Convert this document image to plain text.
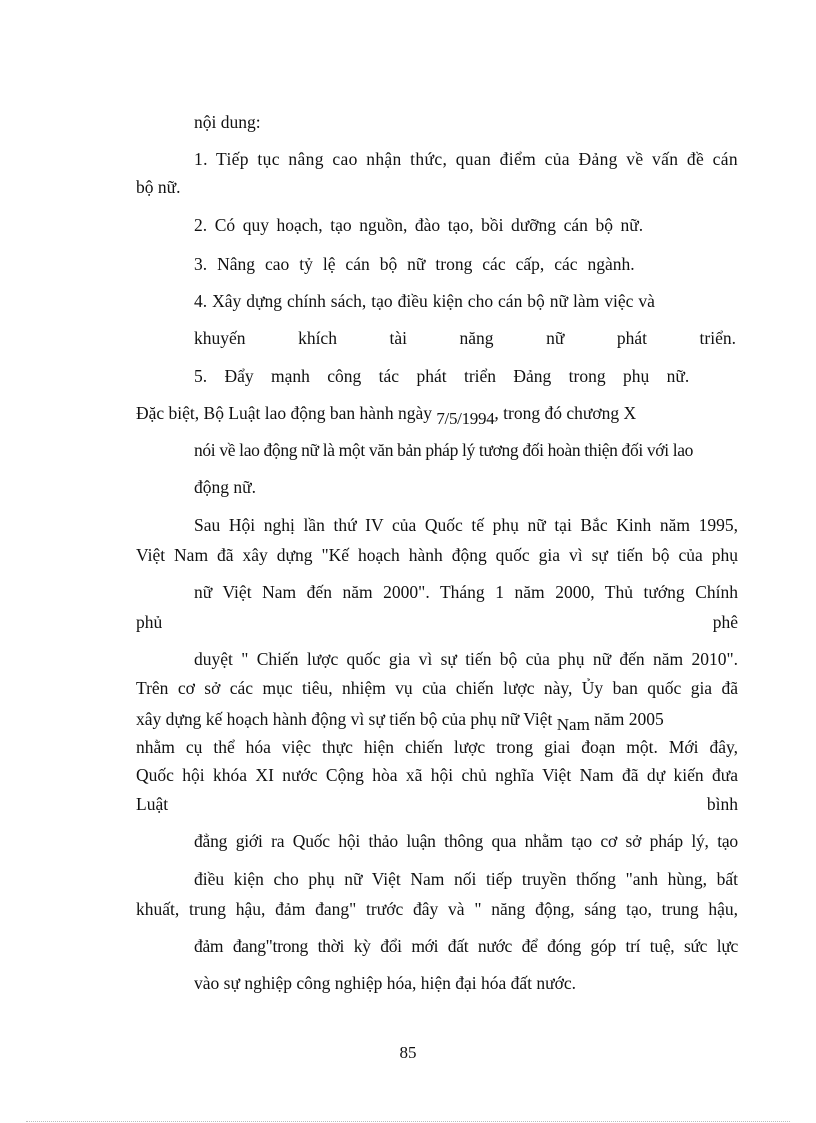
nội dung:
1. Tiếp tục nâng cao nhận thức, quan điểm của Đảng về vấn đề cán
bộ nữ.
2. Có quy hoạch, tạo nguồn, đào tạo, bồi dưỡng cán bộ nữ.
3. Nâng cao tỷ lệ cán bộ nữ trong các cấp, các ngành.
4. Xây dựng chính sách, tạo điều kiện cho cán bộ nữ làm việc và
khuyến	khích	tài	năng	nữ	phát	triển.
5. Đẩy mạnh công tác phát triển Đảng trong phụ nữ.
Đặc biệt, Bộ Luật lao động ban hành ngày 7/5/1994, trong đó chương X
nói về lao động nữ là một văn bản pháp lý tương đối hoàn thiện đối với lao
động nữ.
Sau Hội nghị lần thứ IV của Quốc tế phụ nữ tại Bắc Kinh năm 1995,
Việt Nam đã xây dựng "Kế hoạch hành động quốc gia vì sự tiến bộ của phụ
nữ Việt Nam đến năm 2000". Tháng 1 năm 2000, Thủ tướng Chính
phủ	phê
duyệt " Chiến lược quốc gia vì sự tiến bộ của phụ nữ đến năm 2010".
Trên cơ sở các mục tiêu, nhiệm vụ của chiến lược này, Ủy ban quốc gia đã
xây dựng kế hoạch hành động vì sự tiến bộ của phụ nữ Việt Nam năm 2005
nhằm cụ thể hóa việc thực hiện chiến lược trong giai đoạn một. Mới đây,
Quốc hội khóa XI nước Cộng hòa xã hội chủ nghĩa Việt Nam đã dự kiến đưa
Luật	bình
đẳng giới ra Quốc hội thảo luận thông qua nhằm tạo cơ sở pháp lý, tạo
điều kiện cho phụ nữ Việt Nam nối tiếp truyền thống "anh hùng, bất
khuất, trung hậu, đảm đang" trước đây và " năng động, sáng tạo, trung hậu,
đảm đang"trong thời kỳ đổi mới đất nước để đóng góp trí tuệ, sức lực
vào sự nghiệp công nghiệp hóa, hiện đại hóa đất nước.
85
